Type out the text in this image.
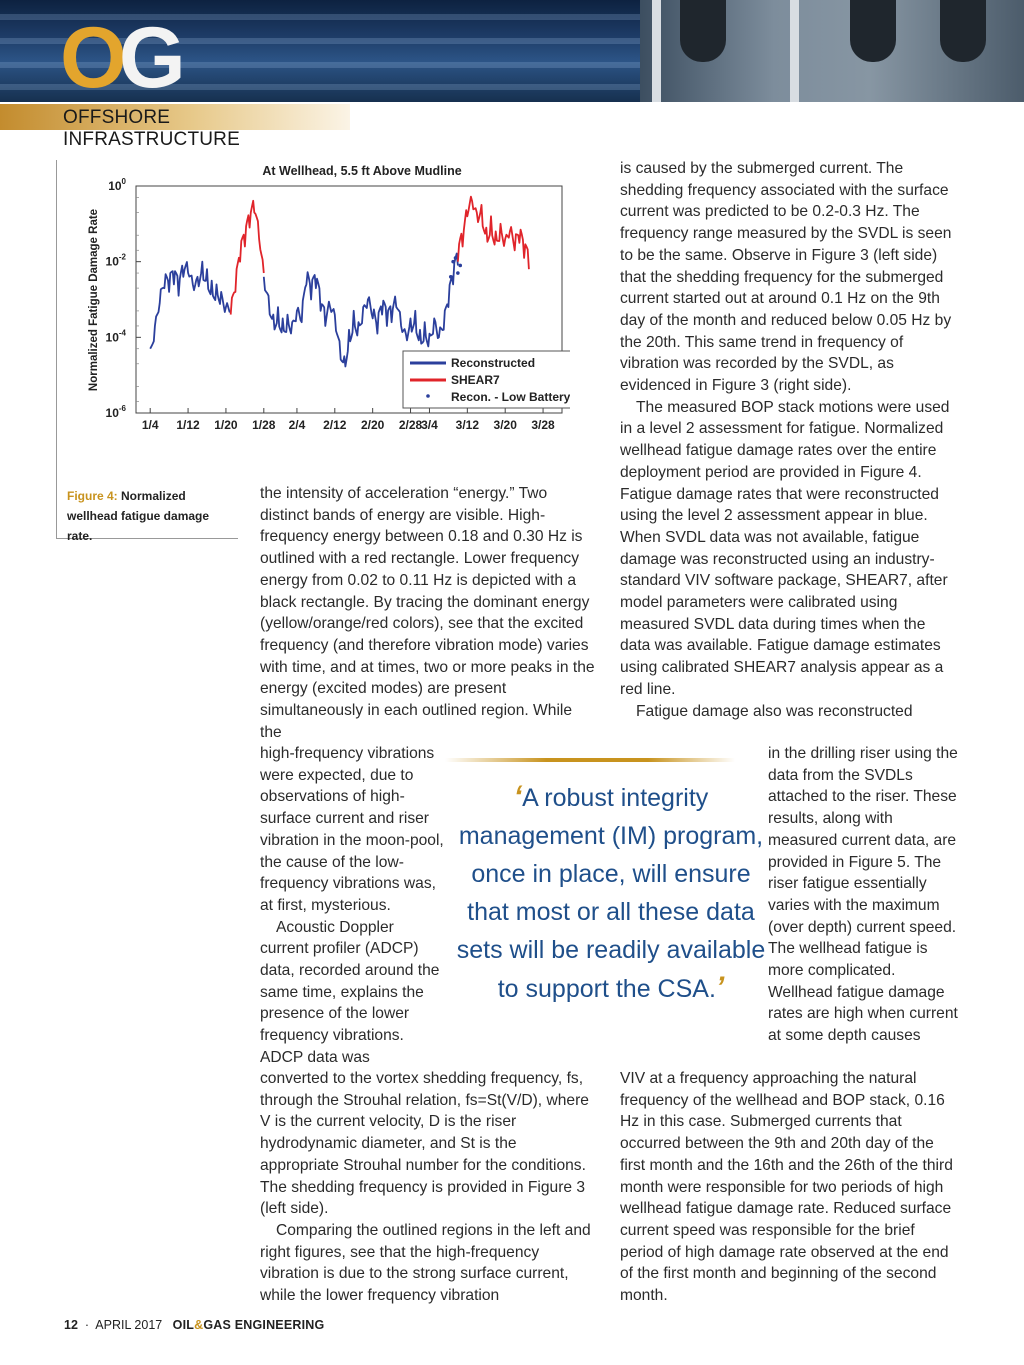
OG
OFFSHORE INFRASTRUCTURE
At Wellhead, 5.5 ft Above Mudline
Normalized Fatigue Damage Rate
$10^0$
$10^{-2}$
$10^{-4}$
$10^{-6}$
1/4 1/12 1/20 1/28 2/4 2/12 2/20 2/28
3/4 3/12 3/20 3/28
Reconstructed
SHEAR7
Recon. - Low Battery
Figure 4: Normalized wellhead fatigue damage rate.

the intensity of acceleration “energy.” Two distinct bands of energy are visible. High-frequency energy between 0.18 and 0.30 Hz is outlined with a red rectangle. Lower frequency energy from 0.02 to 0.11 Hz is depicted with a black rectangle. By tracing the dominant energy (yellow/orange/red colors), see that the excited frequency (and therefore vibration mode) varies with time, and at times, two or more peaks in the energy (excited modes) are present simultaneously in each outlined region. While the

high-frequency vibrations were expected, due to observations of high-surface current and riser vibration in the moon-pool, the cause of the low-frequency vibrations was, at first, mysterious.

Acoustic Doppler current profiler (ADCP) data, recorded around the same time, explains the presence of the lower frequency vibrations. ADCP data was

converted to the vortex shedding frequency, fs, through the Strouhal relation, fs=St(V/D), where V is the current velocity, D is the riser hydrodynamic diameter, and St is the appropriate Strouhal number for the conditions. The shedding frequency is provided in Figure 3 (left side).

Comparing the outlined regions in the left and right figures, see that the high-frequency vibration is due to the strong surface current, while the lower frequency vibration

is caused by the submerged current. The shedding frequency associated with the surface current was predicted to be 0.2-0.3 Hz. The frequency range measured by the SVDL is seen to be the same. Observe in Figure 3 (left side) that the shedding frequency for the submerged current started out at around 0.1 Hz on the 9th day of the month and reduced below 0.05 Hz by the 20th. This same trend in frequency of vibration was recorded by the SVDL, as evidenced in Figure 3 (right side).

The measured BOP stack motions were used in a level 2 assessment for fatigue. Normalized wellhead fatigue damage rates over the entire deployment period are provided in Figure 4. Fatigue damage rates that were reconstructed using the level 2 assessment appear in blue. When SVDL data was not available, fatigue damage was reconstructed using an industry-standard VIV software package, SHEAR7, after model parameters were calibrated using measured SVDL data during times when the data was available. Fatigue damage estimates using calibrated SHEAR7 analysis appear as a red line.

Fatigue damage also was reconstructed

in the drilling riser using the data from the SVDLs attached to the riser. These results, along with measured current data, are provided in Figure 5. The riser fatigue essentially varies with the maximum (over depth) current speed. The wellhead fatigue is more complicated. Wellhead fatigue damage rates are high when current at some depth causes

VIV at a frequency approaching the natural frequency of the wellhead and BOP stack, 0.16 Hz in this case. Submerged currents that occurred between the 9th and 20th day of the first month and the 16th and the 26th of the third month were responsible for two periods of high wellhead fatigue damage rate. Reduced surface current speed was responsible for the brief period of high damage rate observed at the end of the first month and beginning of the second month.

‘A robust integrity management (IM) program, once in place, will ensure that most or all these data sets will be readily available to support the CSA.’
12 · APRIL 2017 OIL&GAS ENGINEERING
